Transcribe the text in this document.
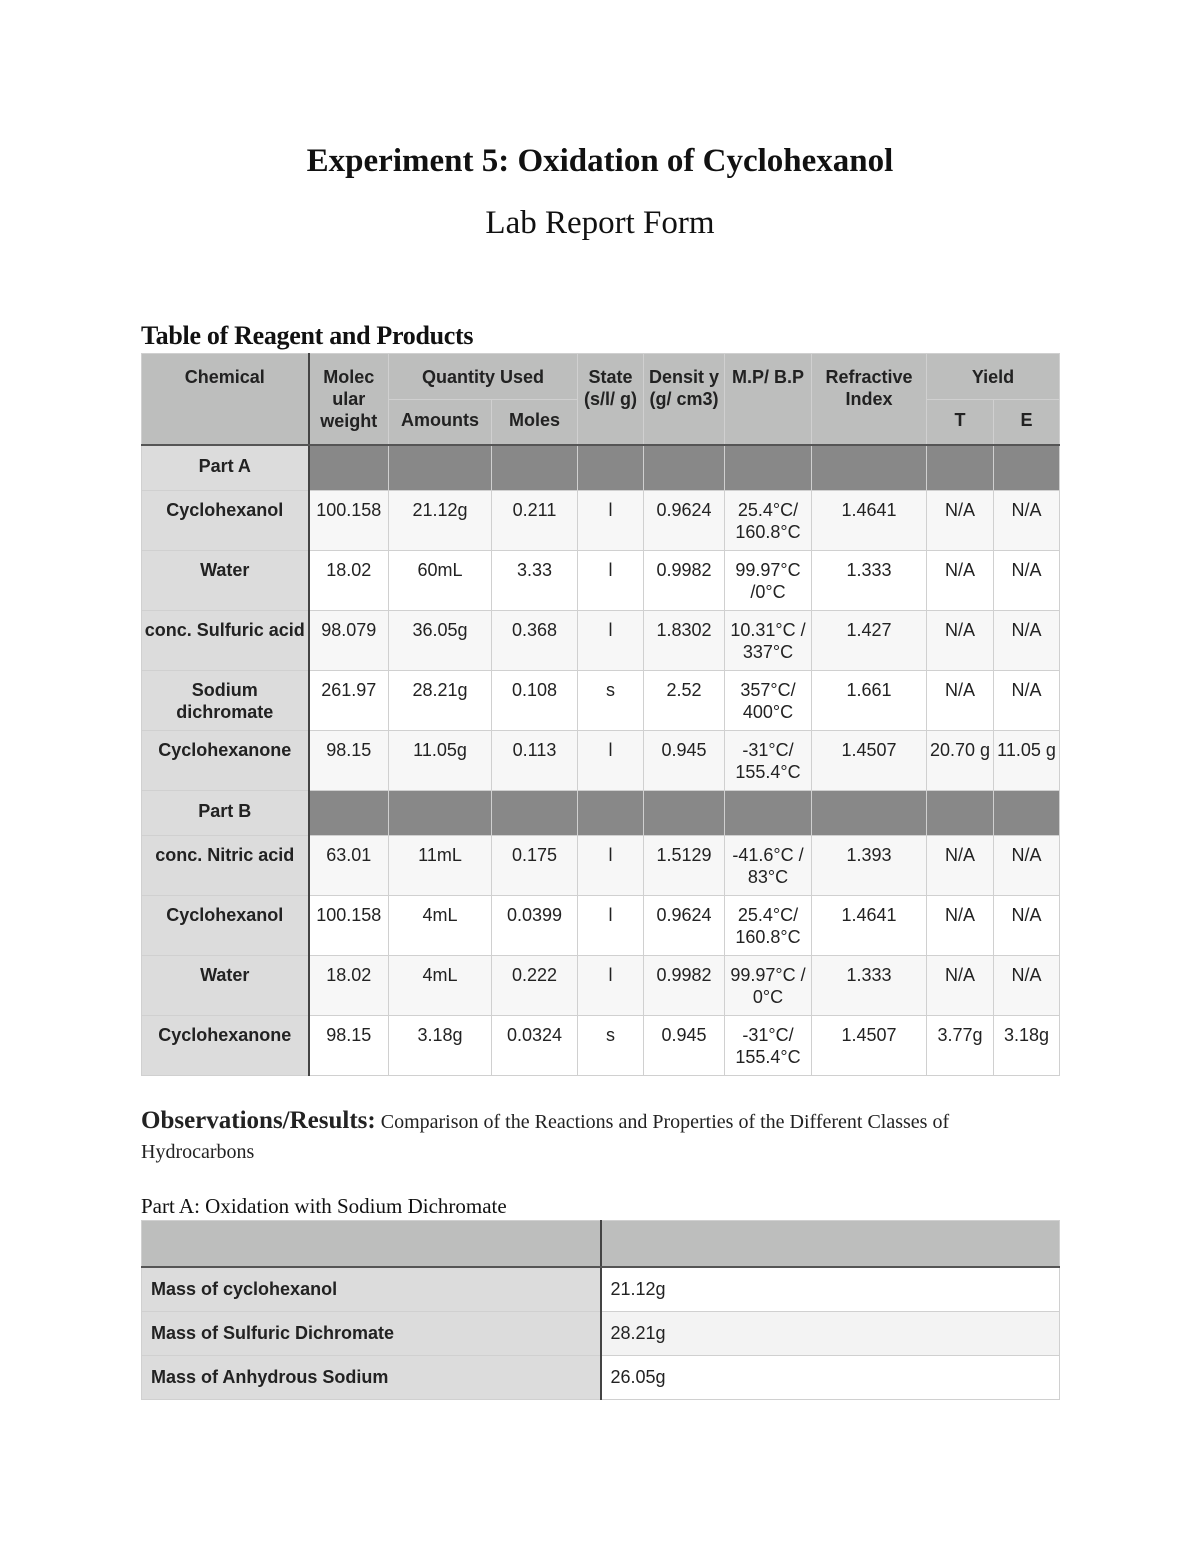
Experiment 5: Oxidation of Cyclohexanol
Lab Report Form
Table of Reagent and Products
Chemical	Molec ular weight	Quantity Used		State (s/l/ g)	Densit y (g/ cm3)	M.P/ B.P	Refractive Index	Yield	
		Amounts	Moles					T	E
Part A									
Cyclohexanol	100.158	21.12g	0.211	l	0.9624	25.4°C/ 160.8°C	1.4641	N/A	N/A
Water	18.02	60mL	3.33	l	0.9982	99.97°C /0°C	1.333	N/A	N/A
conc. Sulfuric acid	98.079	36.05g	0.368	l	1.8302	10.31°C / 337°C	1.427	N/A	N/A
Sodium dichromate	261.97	28.21g	0.108	s	2.52	357°C/ 400°C	1.661	N/A	N/A
Cyclohexanone	98.15	11.05g	0.113	l	0.945	-31°C/ 155.4°C	1.4507	20.70 g	11.05 g
Part B									
conc. Nitric acid	63.01	11mL	0.175	l	1.5129	-41.6°C / 83°C	1.393	N/A	N/A
Cyclohexanol	100.158	4mL	0.0399	l	0.9624	25.4°C/ 160.8°C	1.4641	N/A	N/A
Water	18.02	4mL	0.222	l	0.9982	99.97°C / 0°C	1.333	N/A	N/A
Cyclohexanone	98.15	3.18g	0.0324	s	0.945	-31°C/ 155.4°C	1.4507	3.77g	3.18g
Observations/Results: Comparison of the Reactions and Properties of the Different Classes of Hydrocarbons
Part A: Oxidation with Sodium Dichromate

Mass of cyclohexanol	21.12g
Mass of Sulfuric Dichromate	28.21g
Mass of Anhydrous Sodium	26.05g
